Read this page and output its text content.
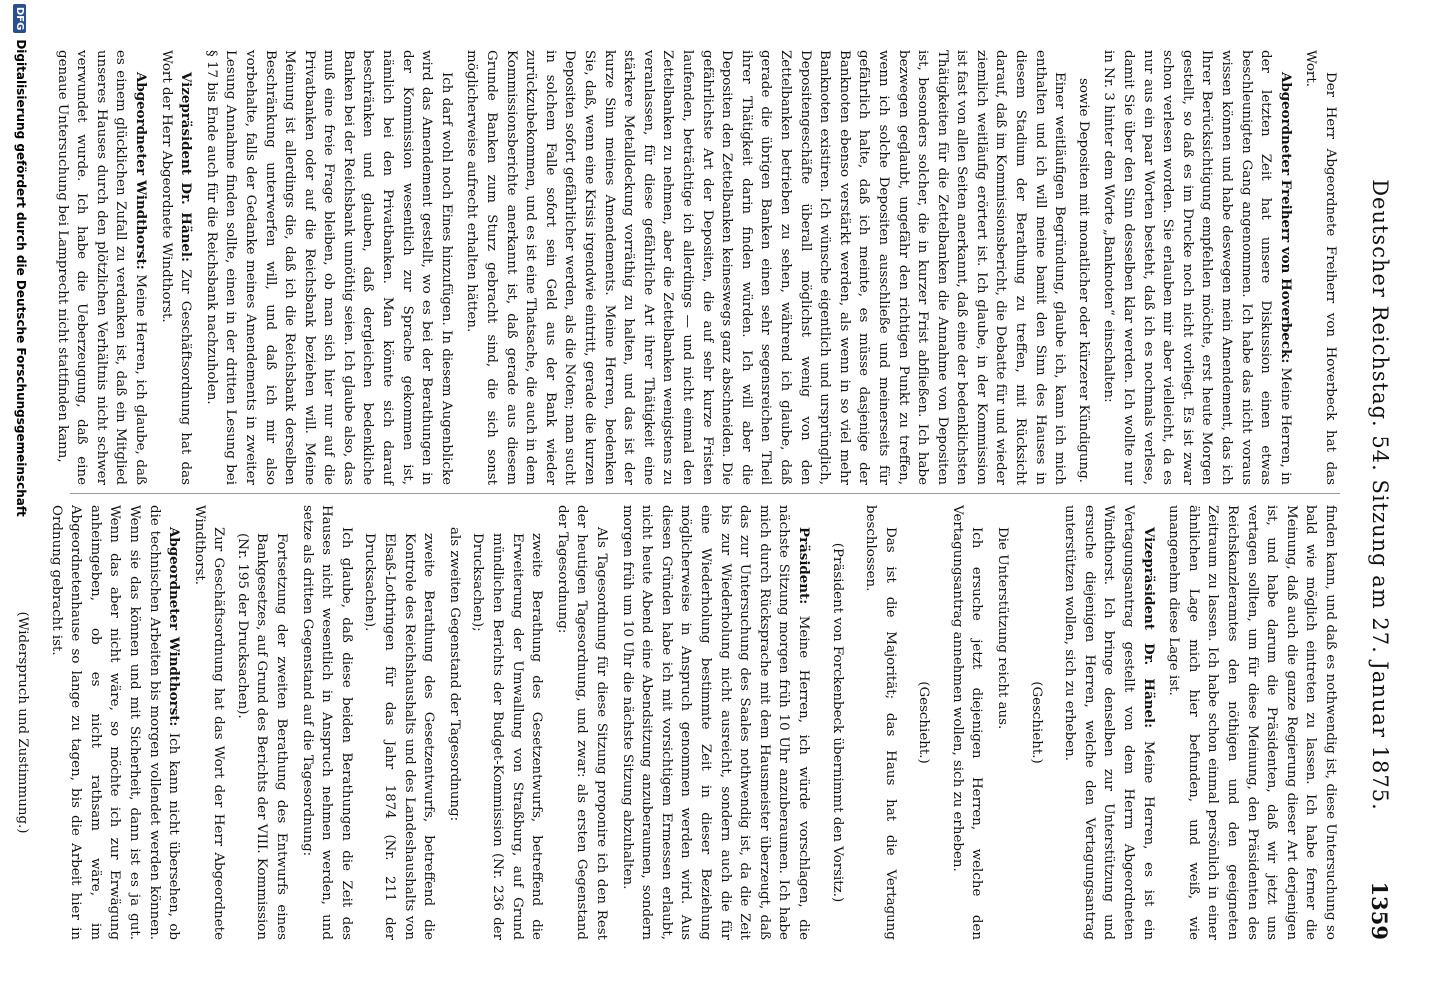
Deutscher Reichstag. 54. Sitzung am 27. Januar 1875.
1359

Der Herr Abgeordnete Freiherr von Hoverbeck hat das Wort.

Abgeordneter Freiherr von Hoverbeck: Meine Herren, in der letzten Zeit hat unsere Diskussion einen etwas beschleunigten Gang angenommen. Ich habe das nicht voraus wissen können und habe deswegen mein Amendement, das ich Ihrer Berücksichtigung empfehlen möchte, erst heute Morgen gestellt, so daß es im Drucke noch nicht vorliegt. Es ist zwar schon verlesen worden. Sie erlauben mir aber vielleicht, da es nur aus ein paar Worten besteht, daß ich es nochmals verlese, damit Sie über den Sinn desselben klar werden. Ich wollte nur in Nr. 3 hinter dem Worte „Banknoten“ einschalten:

sowie Depositen mit monatlicher oder kürzerer Kündigung.

Einer weitläufigen Begründung, glaube ich, kann ich mich enthalten und ich will meine bamit den Sinn des Hauses in diesem Stadium der Berathung zu treffen, mit Rücksicht darauf, daß im Kommissionsbericht, die Debatte für und wieder ziemlich weitläufig erörtert ist. Ich glaube, in der Kommission ist fast von allen Seiten anerkannt, daß eine der bedenklichsten Thätigkeiten für die Zettelbanken die Annahme von Depositen ist, besonders solcher, die in kurzer Frist abfließen. Ich habe bezwegen geglaubt, ungefähr den richtigen Punkt zu treffen, wenn ich solche Depositen ausschließe und meinerseits für gefährlich halte, daß ich meinte, es müsse dasjenige der Banknoten ebenso verstärkt werden, als wenn in so viel mehr Banknoten existiren. Ich wünsche eigentlich und ursprünglich, Depositengeschäfte überall möglichst wenig von den Zettelbanken betrieben zu sehen, während ich glaube, daß gerade die übrigen Banken einen sehr segensreichen Theil ihrer Thätigkeit darin finden würden. Ich will aber die Depositen den Zettelbanken keineswegs ganz abschneiden. Die gefährlichste Art der Depositen, die auf sehr kurze Fristen laufenden, beträchtige ich allerdings — und nicht einmal den Zettelbanken zu nehmen, aber die Zettelbanken wenigstens zu veranlassen, für diese gefährliche Art ihrer Thätigkeit eine stärkere Metalldeckung vorräthig zu halten, und das ist der kurze Sinn meines Amendements. Meine Herren, bedenken Sie, daß, wenn eine Krisis irgendwie eintritt, gerade die kurzen Depositen sofort gefährlicher werden, als die Noten; man sucht in solchem Falle sofort sein Geld aus der Bank wieder zurückzubekommen, und es ist eine Thatsache, die auch in dem Kommissionsberichte anerkannt ist, daß gerade aus diesem Grunde Banken zum Sturz gebracht sind, die sich sonst möglicherweise aufrecht erhalten hätten.

Ich darf wohl noch Eines hinzufügen. In diesem Augenblicke wird das Amendement gestellt, wo es bei der Berathungen in der Kommission wesentlich zur Sprache gekommen ist, nämlich bei den Privatbanken. Man könnte sich darauf beschränken und glauben, daß dergleichen bedenkliche Banken bei der Reichsbank unnöthig seien. Ich glaube also, das muß eine freie Frage bleiben, ob man sich hier nur auf die Privatbanken oder auf die Reichsbank beziehen will. Meine Meinung ist allerdings die, daß ich die Reichsbank derselben Beschränkung unterwerfen will, und daß ich mir also vorbehalte, falls der Gedanke meines Amendements in zweiter Lesung Annahme finden sollte, einen in der dritten Lesung bei § 17 bis Ende auch für die Reichsbank nachzuholen.

Vizepräsident Dr. Hänel: Zur Geschäftsordnung hat das Wort der Herr Abgeordnete Windthorst.

Abgeordneter Windthorst: Meine Herren, ich glaube, daß es einem glücklichen Zufall zu verdanken ist, daß ein Mitglied unseres Hauses durch den plötzlichen Verhältnis nicht schwer verwundet wurde. Ich habe die Ueberzeugung, daß eine genaue Untersuchung bei Lamprecht nicht stattfinden kann,

finden kann, und daß es nothwendig ist, diese Untersuchung so bald wie möglich eintreten zu lassen. Ich habe ferner die Meinung, daß auch die ganze Regierung dieser Art derjenigen ist, und habe darum die Präsidenten, daß wir jetzt uns vertagen sollten, um für diese Meinung, den Präsidenten des Reichskanzleramtes den nöthigen und den geeigneten Zeitraum zu lassen. Ich habe schon einmal persönlich in einer ähnlichen Lage mich hier befunden, und weiß, wie unangenehm diese Lage ist.

Vizepräsident Dr. Hänel: Meine Herren, es ist ein Vertagungsantrag gestellt von dem Herrn Abgeordneten Windthorst. Ich bringe denselben zur Unterstützung und ersuche diejenigen Herren, welche den Vertagungsantrag unterstützen wollen, sich zu erheben.

(Geschieht.)

Die Unterstützung reicht aus.

Ich ersuche jetzt diejenigen Herren, welche den Vertagungsantrag annehmen wollen, sich zu erheben.

(Geschieht.)

Das ist die Majorität; das Haus hat die Vertagung beschlossen.

(Präsident von Forckenbeck übernimmt den Vorsitz.)

Präsident: Meine Herren, ich würde vorschlagen, die nächste Sitzung morgen früh 10 Uhr anzuberaumen. Ich habe mich durch Rücksprache mit dem Hausmeister überzeugt, daß das zur Untersuchung des Saales nothwendig ist, da die Zeit bis zur Wiederholung nicht ausreicht, sondern auch die für eine Wiederholung bestimmte Zeit in dieser Beziehung möglicherweise in Anspruch genommen werden wird. Aus diesen Gründen habe ich mit vorsichtigem Ermessen erlaubt, nicht heute Abend eine Abendsitzung anzuberaumen, sondern morgen früh um 10 Uhr die nächste Sitzung abzuhalten.

Als Tagesordnung für diese Sitzung proponire ich den Rest der heutigen Tagesordnung, und zwar: als ersten Gegenstand der Tagesordnung:

zweite Berathung des Gesetzentwurfs, betreffend die Erweiterung der Umwallung von Straßburg, auf Grund mündlichen Berichts der Budget-Kommission (Nr. 236 der Drucksachen);

als zweiten Gegenstand der Tagesordnung:

zweite Berathung des Gesetzentwurfs, betreffend die Kontrole des Reichshaushalts und des Landeshaushalts von Elsaß-Lothringen für das Jahr 1874 (Nr. 211 der Drucksachen).

Ich glaube, daß diese beiden Berathungen die Zeit des Hauses nicht wesentlich in Anspruch nehmen werden, und setze als dritten Gegenstand auf die Tagesordnung:

Fortsetzung der zweiten Berathung des Entwurfs eines Bankgesetzes, auf Grund des Berichts der VIII. Kommission (Nr. 195 der Drucksachen).

Zur Geschäftsordnung hat das Wort der Herr Abgeordnete Windthorst.

Abgeordneter Windthorst: Ich kann nicht übersehen, ob die technischen Arbeiten bis morgen vollendet werden können. Wenn sie das können und mit Sicherheit, dann ist es ja gut. Wenn das aber nicht wäre, so möchte ich zur Erwägung anheimgeben, ob es nicht rathsam wäre, im Abgeordnetenhause so lange zu tagen, bis die Arbeit hier in Ordnung gebracht ist.

(Widerspruch und Zustimmung.)

DFGDigitalisierung gefördert durch die Deutsche Forschungsgemeinschaft
